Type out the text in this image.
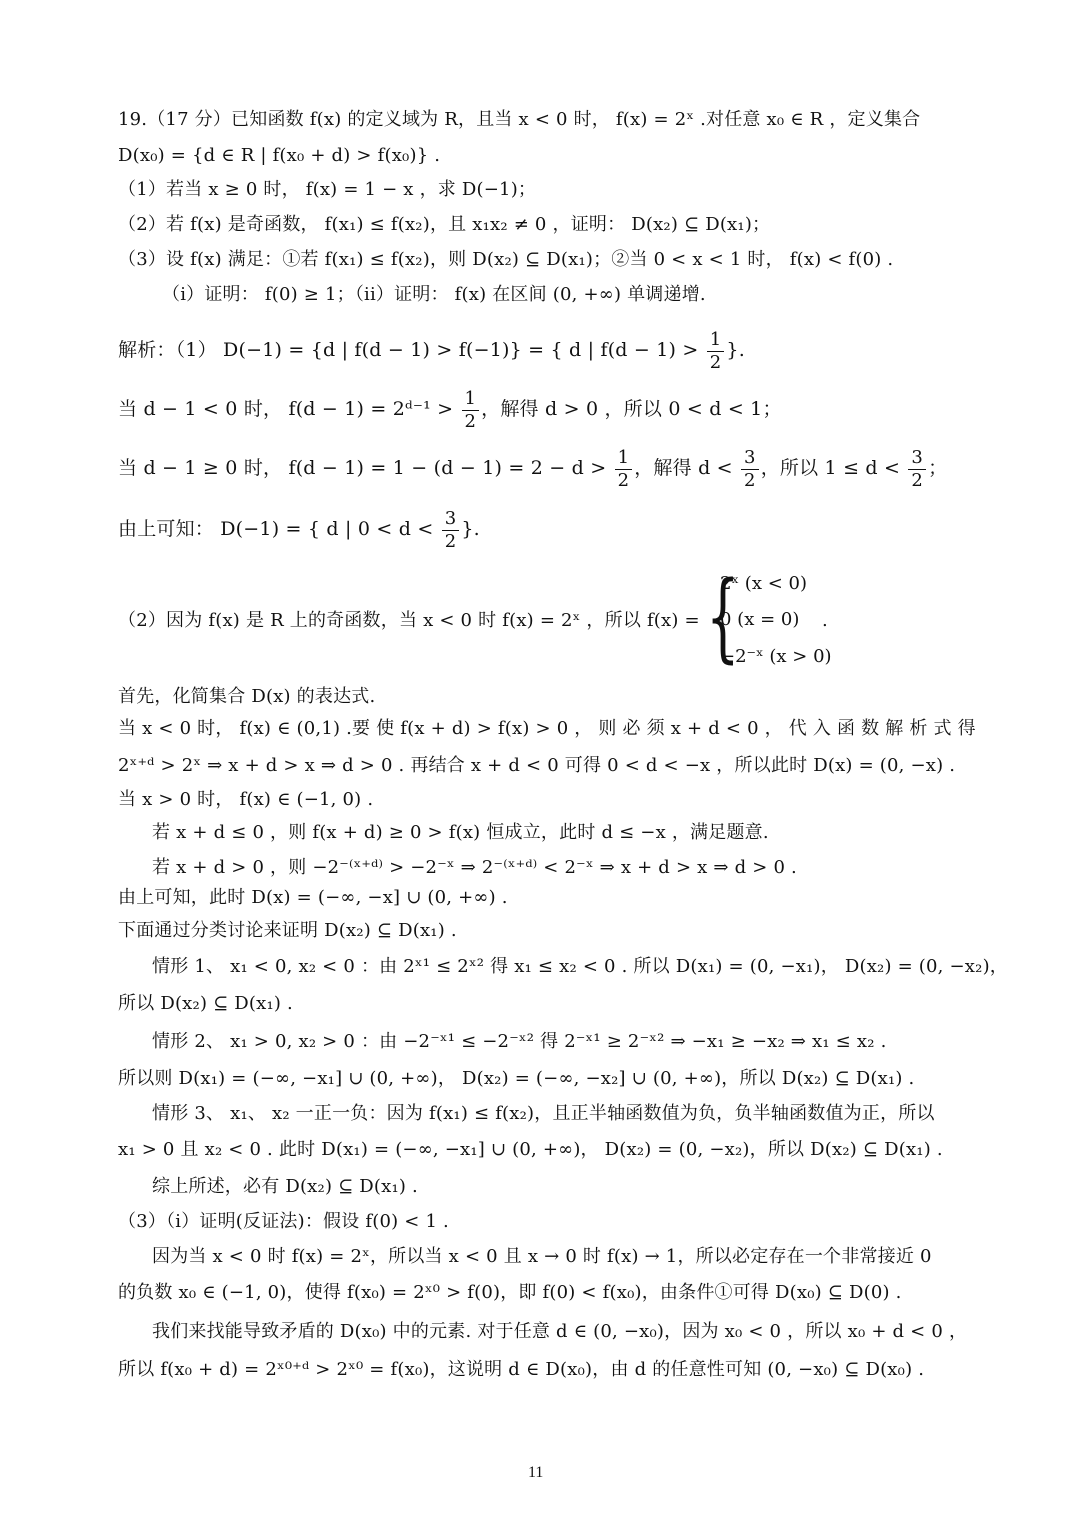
19.（17 分）已知函数 f(x) 的定义域为 R，且当 x < 0 时， f(x) = 2ˣ .对任意 x₀ ∈ R ，定义集合
D(x₀) = {d ∈ R | f(x₀ + d) > f(x₀)} .
（1）若当 x ≥ 0 时， f(x) = 1 − x ，求 D(−1)；
（2）若 f(x) 是奇函数， f(x₁) ≤ f(x₂)，且 x₁x₂ ≠ 0 ，证明： D(x₂) ⊆ D(x₁)；
（3）设 f(x) 满足：①若 f(x₁) ≤ f(x₂)，则 D(x₂) ⊆ D(x₁)；②当 0 < x < 1 时， f(x) < f(0) .
（i）证明： f(0) ≥ 1；（ii）证明： f(x) 在区间 (0, +∞) 单调递增.
解析：（1） D(−1) = {d | f(d − 1) > f(−1)} = { d | $f(d - 1) > \frac{1}{2}$ }.
当 d − 1 < 0 时， f(d − 1) = 2ᵈ⁻¹ > $\frac{1}{2}$ ，解得 d > 0 ，所以 0 < d < 1；
当 d − 1 ≥ 0 时， $f(d - 1) = 1 - (d - 1) = 2 - d > \frac{1}{2}$ ，解得 $d < \frac{3}{2}$ ，所以 $1 \le d < \frac{3}{2}$ ；
由上可知： D(−1) = { d | $0 < d < \frac{3}{2}$ }.
（2）因为 f(x) 是 R 上的奇函数，当 x < 0 时 f(x) = 2ˣ ，所以 f(x) = {
2ˣ (x < 0)
0 (x = 0)
−2⁻ˣ (x > 0)
.
首先，化简集合 D(x) 的表达式.
当 x < 0 时， f(x) ∈ (0,1) .要 使 f(x + d) > f(x) > 0 ， 则 必 须 x + d < 0 ， 代 入 函 数 解 析 式 得
2ˣ⁺ᵈ > 2ˣ ⇒ x + d > x ⇒ d > 0 . 再结合 x + d < 0 可得 0 < d < −x ，所以此时 D(x) = (0, −x) .
当 x > 0 时， f(x) ∈ (−1, 0) .
若 x + d ≤ 0 ，则 f(x + d) ≥ 0 > f(x) 恒成立，此时 d ≤ −x ，满足题意.
若 x + d > 0 ，则 −2⁻⁽ˣ⁺ᵈ⁾ > −2⁻ˣ ⇒ 2⁻⁽ˣ⁺ᵈ⁾ < 2⁻ˣ ⇒ x + d > x ⇒ d > 0 .
由上可知，此时 D(x) = (−∞, −x] ∪ (0, +∞) .
下面通过分类讨论来证明 D(x₂) ⊆ D(x₁) .
情形 1、 x₁ < 0, x₂ < 0 ：由 2ˣ¹ ≤ 2ˣ² 得 x₁ ≤ x₂ < 0 . 所以 D(x₁) = (0, −x₁)， D(x₂) = (0, −x₂)，
所以 D(x₂) ⊆ D(x₁) .
情形 2、 x₁ > 0, x₂ > 0 ：由 −2⁻ˣ¹ ≤ −2⁻ˣ² 得 2⁻ˣ¹ ≥ 2⁻ˣ² ⇒ −x₁ ≥ −x₂ ⇒ x₁ ≤ x₂ .
所以则 D(x₁) = (−∞, −x₁] ∪ (0, +∞)， D(x₂) = (−∞, −x₂] ∪ (0, +∞)，所以 D(x₂) ⊆ D(x₁) .
情形 3、 x₁、 x₂ 一正一负：因为 f(x₁) ≤ f(x₂)，且正半轴函数值为负，负半轴函数值为正，所以
x₁ > 0 且 x₂ < 0 . 此时 D(x₁) = (−∞, −x₁] ∪ (0, +∞)， D(x₂) = (0, −x₂)，所以 D(x₂) ⊆ D(x₁) .
综上所述，必有 D(x₂) ⊆ D(x₁) .
（3）（i）证明(反证法)：假设 f(0) < 1 .
因为当 x < 0 时 f(x) = 2ˣ，所以当 x < 0 且 x → 0 时 f(x) → 1，所以必定存在一个非常接近 0
的负数 x₀ ∈ (−1, 0)，使得 f(x₀) = 2ˣ⁰ > f(0)，即 f(0) < f(x₀)，由条件①可得 D(x₀) ⊆ D(0) .
我们来找能导致矛盾的 D(x₀) 中的元素. 对于任意 d ∈ (0, −x₀)，因为 x₀ < 0 ，所以 x₀ + d < 0 ，
所以 f(x₀ + d) = 2ˣ⁰⁺ᵈ > 2ˣ⁰ = f(x₀)，这说明 d ∈ D(x₀)，由 d 的任意性可知 (0, −x₀) ⊆ D(x₀) .
11
